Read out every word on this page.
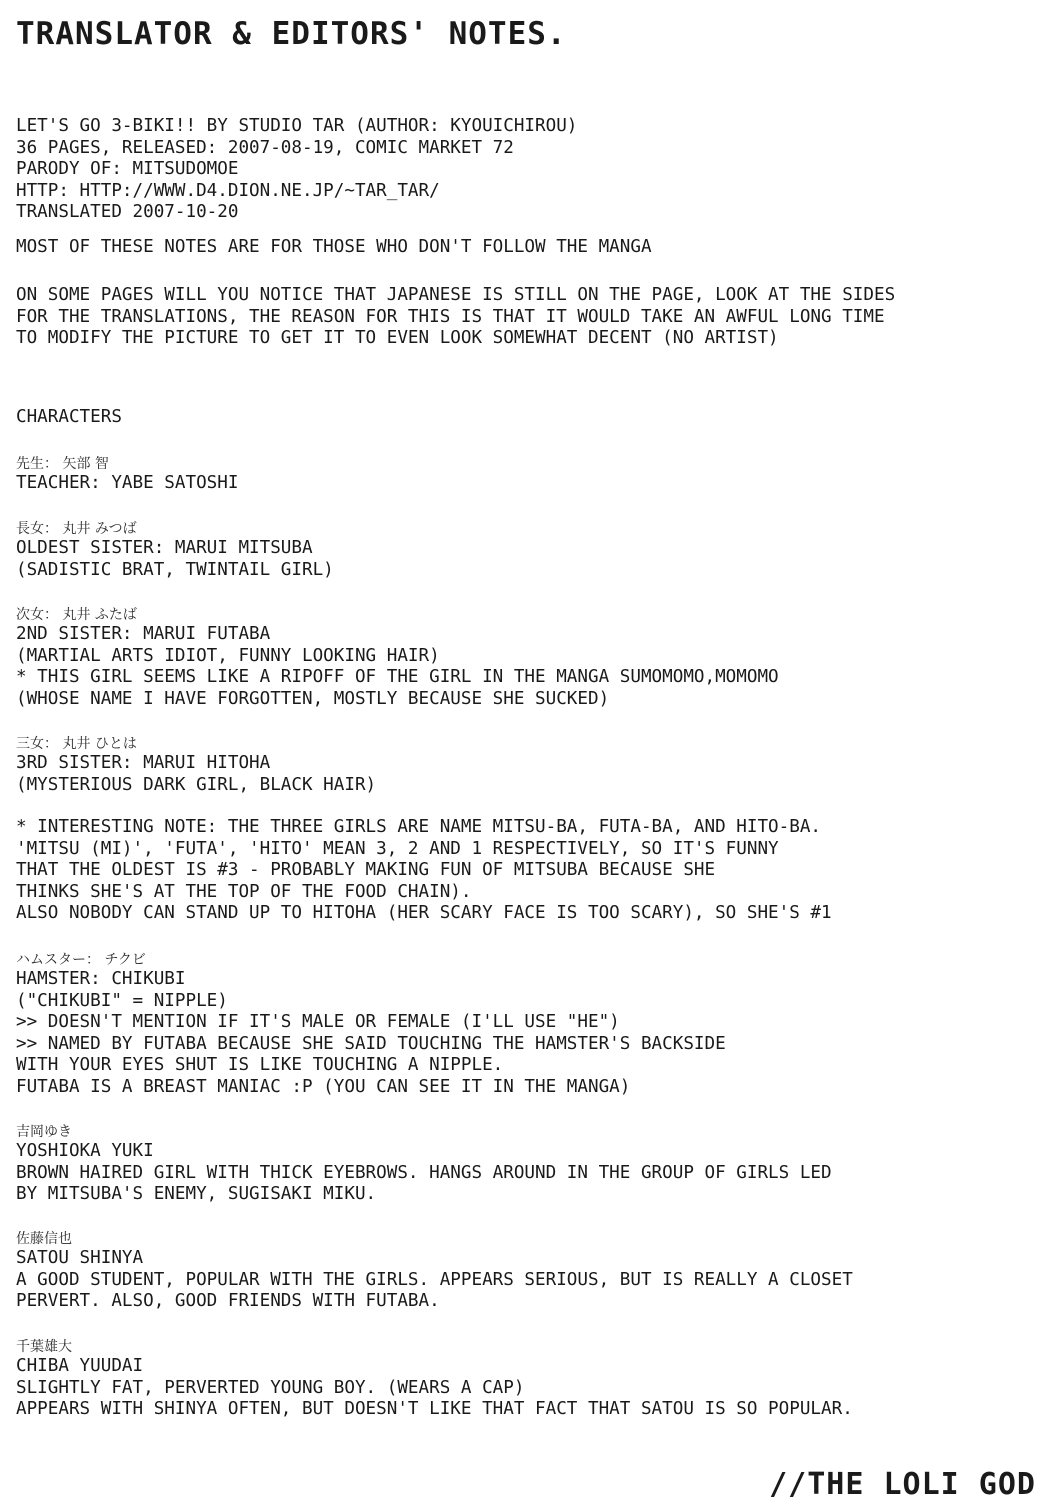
TRANSLATOR & EDITORS' NOTES.
LET'S GO 3-BIKI!! BY STUDIO TAR (AUTHOR: KYOUICHIROU)
36 PAGES, RELEASED: 2007-08-19, COMIC MARKET 72
PARODY OF: MITSUDOMOE
HTTP: HTTP://WWW.D4.DION.NE.JP/~TAR_TAR/
TRANSLATED 2007-10-20
MOST OF THESE NOTES ARE FOR THOSE WHO DON'T FOLLOW THE MANGA
ON SOME PAGES WILL YOU NOTICE THAT JAPANESE IS STILL ON THE PAGE, LOOK AT THE SIDES
FOR THE TRANSLATIONS, THE REASON FOR THIS IS THAT IT WOULD TAKE AN AWFUL LONG TIME
TO MODIFY THE PICTURE TO GET IT TO EVEN LOOK SOMEWHAT DECENT (NO ARTIST)
CHARACTERS
先生： 矢部 智
TEACHER: YABE SATOSHI
長女： 丸井 みつば
OLDEST SISTER: MARUI MITSUBA
(SADISTIC BRAT, TWINTAIL GIRL)
次女： 丸井 ふたば
2ND SISTER: MARUI FUTABA
(MARTIAL ARTS IDIOT, FUNNY LOOKING HAIR)
* THIS GIRL SEEMS LIKE A RIPOFF OF THE GIRL IN THE MANGA SUMOMOMO,MOMOMO
(WHOSE NAME I HAVE FORGOTTEN, MOSTLY BECAUSE SHE SUCKED)
三女： 丸井 ひとは
3RD SISTER: MARUI HITOHA
(MYSTERIOUS DARK GIRL, BLACK HAIR)
* INTERESTING NOTE: THE THREE GIRLS ARE NAME MITSU-BA, FUTA-BA, AND HITO-BA.
'MITSU (MI)', 'FUTA', 'HITO' MEAN 3, 2 AND 1 RESPECTIVELY, SO IT'S FUNNY
THAT THE OLDEST IS #3 - PROBABLY MAKING FUN OF MITSUBA BECAUSE SHE
THINKS SHE'S AT THE TOP OF THE FOOD CHAIN).
ALSO NOBODY CAN STAND UP TO HITOHA (HER SCARY FACE IS TOO SCARY), SO SHE'S #1
ハムスター： チクビ
HAMSTER: CHIKUBI
("CHIKUBI" = NIPPLE)
>> DOESN'T MENTION IF IT'S MALE OR FEMALE (I'LL USE "HE")
>> NAMED BY FUTABA BECAUSE SHE SAID TOUCHING THE HAMSTER'S BACKSIDE
WITH YOUR EYES SHUT IS LIKE TOUCHING A NIPPLE.
FUTABA IS A BREAST MANIAC :P (YOU CAN SEE IT IN THE MANGA)
吉岡ゆき
YOSHIOKA YUKI
BROWN HAIRED GIRL WITH THICK EYEBROWS. HANGS AROUND IN THE GROUP OF GIRLS LED
BY MITSUBA'S ENEMY, SUGISAKI MIKU.
佐藤信也
SATOU SHINYA
A GOOD STUDENT, POPULAR WITH THE GIRLS. APPEARS SERIOUS, BUT IS REALLY A CLOSET
PERVERT. ALSO, GOOD FRIENDS WITH FUTABA.
千葉雄大
CHIBA YUUDAI
SLIGHTLY FAT, PERVERTED YOUNG BOY. (WEARS A CAP)
APPEARS WITH SHINYA OFTEN, BUT DOESN'T LIKE THAT FACT THAT SATOU IS SO POPULAR.
//THE LOLI GOD
